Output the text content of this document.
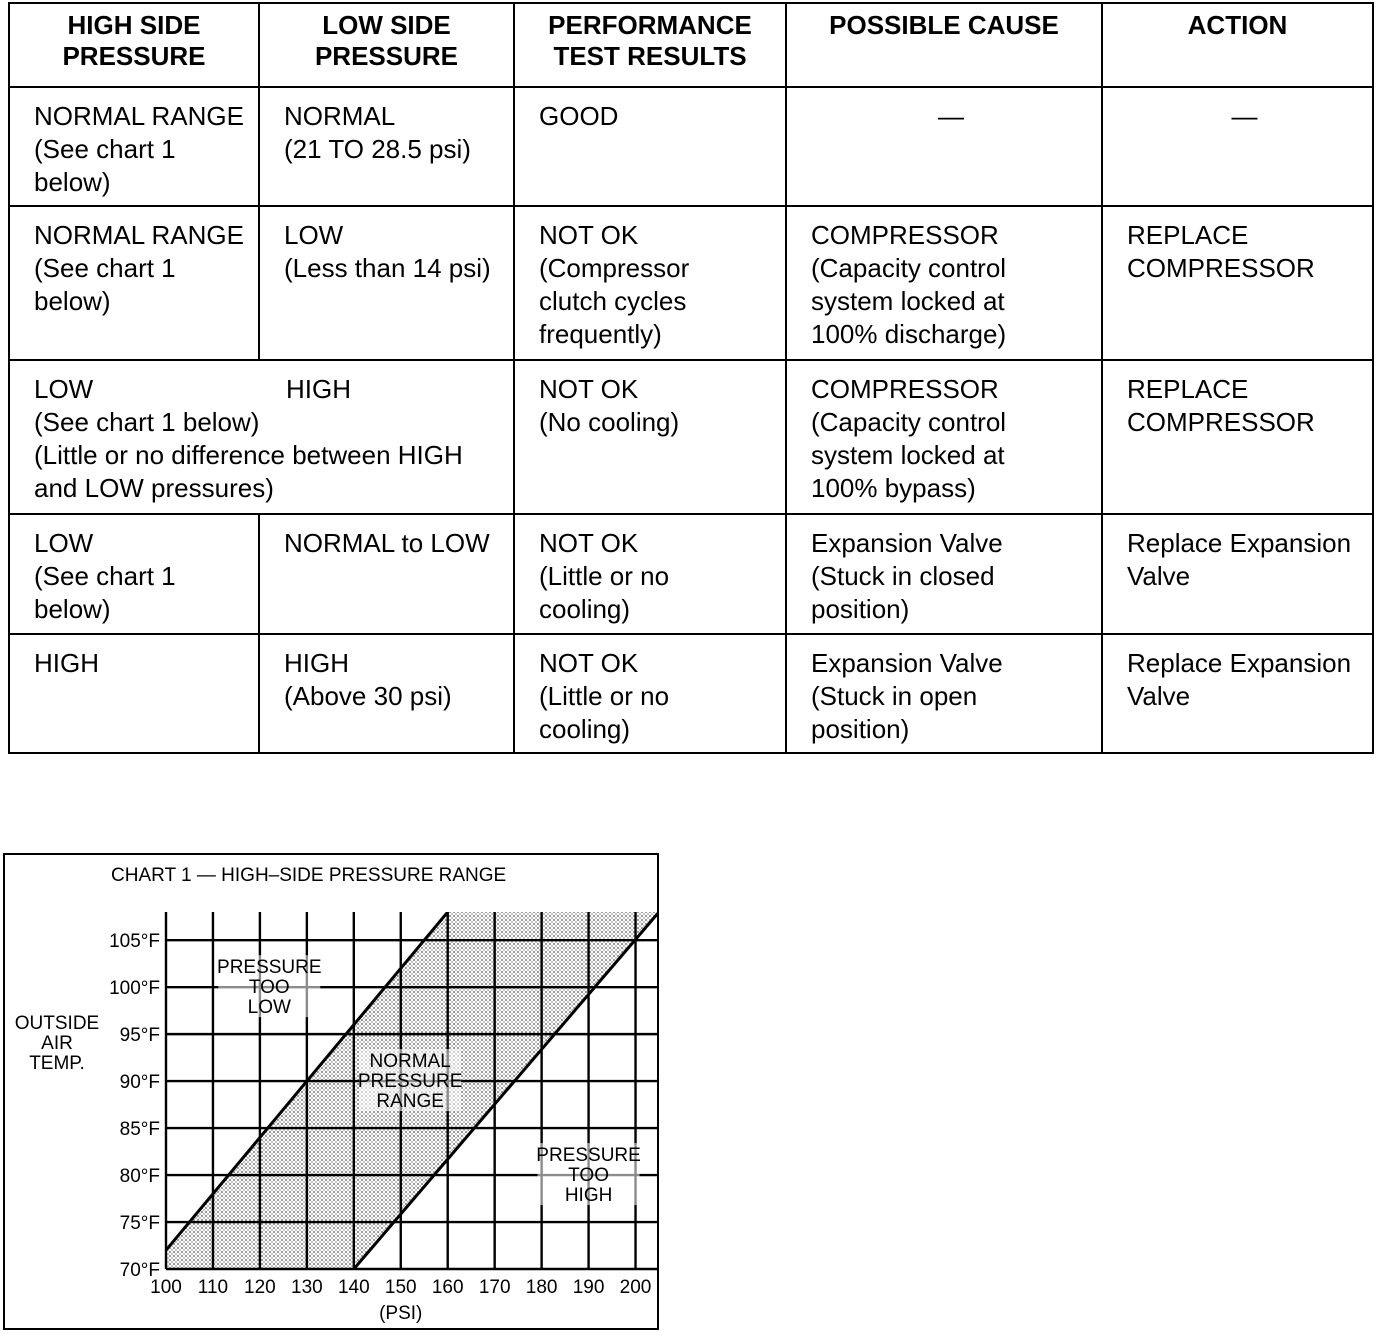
HIGH SIDE
PRESSURE	LOW SIDE
PRESSURE	PERFORMANCE
TEST RESULTS	POSSIBLE CAUSE	ACTION

NORMAL RANGE
(See chart 1
below)	NORMAL
(21 TO 28.5 psi)	GOOD	—	—

NORMAL RANGE
(See chart 1
below)	LOW
(Less than 14 psi)	NOT OK
(Compressor
clutch cycles
frequently)	COMPRESSOR
(Capacity control
system locked at
100% discharge)	REPLACE
COMPRESSOR

LOW HIGH
(See chart 1 below)
(Little or no difference between HIGH
and LOW pressures)		NOT OK
(No cooling)	COMPRESSOR
(Capacity control
system locked at
100% bypass)	REPLACE
COMPRESSOR

LOW
(See chart 1
below)	NORMAL to LOW	NOT OK
(Little or no
cooling)	Expansion Valve
(Stuck in closed
position)	Replace Expansion
Valve

HIGH	HIGH
(Above 30 psi)	NOT OK
(Little or no
cooling)	Expansion Valve
(Stuck in open
position)	Replace Expansion
Valve
CHART 1 — HIGH–SIDE PRESSURE RANGE
PRESSURE
TOO
LOW
NORMAL
PRESSURE
RANGE
PRESSURE
TOO
HIGH
100 110 120 130 140 150 160 170 180 190 200
70°F
75°F
80°F
85°F
90°F
95°F
100°F
105°F
(PSI)
OUTSIDE
AIR
TEMP.
